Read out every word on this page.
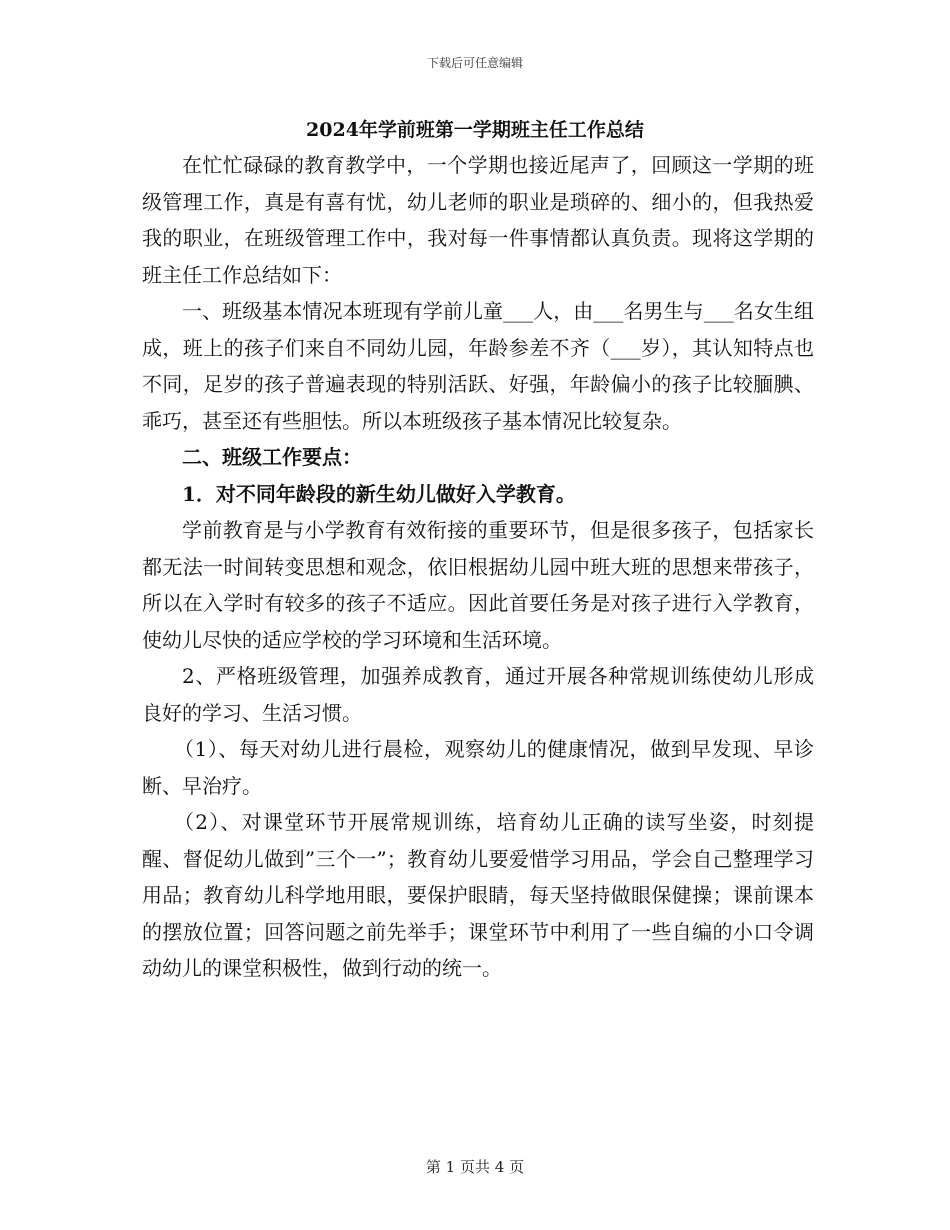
下载后可任意编辑
2024年学前班第一学期班主任工作总结

在忙忙碌碌的教育教学中，一个学期也接近尾声了，回顾这一学期的班级管理工作，真是有喜有忧，幼儿老师的职业是琐碎的、细小的，但我热爱我的职业，在班级管理工作中，我对每一件事情都认真负责。现将这学期的班主任工作总结如下：

一、班级基本情况本班现有学前儿童___人，由___名男生与___名女生组成，班上的孩子们来自不同幼儿园，年龄参差不齐（___岁），其认知特点也不同，足岁的孩子普遍表现的特别活跃、好强，年龄偏小的孩子比较腼腆、乖巧，甚至还有些胆怯。所以本班级孩子基本情况比较复杂。

二、班级工作要点：

1．对不同年龄段的新生幼儿做好入学教育。

学前教育是与小学教育有效衔接的重要环节，但是很多孩子，包括家长都无法一时间转变思想和观念，依旧根据幼儿园中班大班的思想来带孩子，所以在入学时有较多的孩子不适应。因此首要任务是对孩子进行入学教育，使幼儿尽快的适应学校的学习环境和生活环境。

2、严格班级管理，加强养成教育，通过开展各种常规训练使幼儿形成良好的学习、生活习惯。

（1）、每天对幼儿进行晨检，观察幼儿的健康情况，做到早发现、早诊断、早治疗。

（2）、对课堂环节开展常规训练，培育幼儿正确的读写坐姿，时刻提醒、督促幼儿做到”三个一”；教育幼儿要爱惜学习用品，学会自己整理学习用品；教育幼儿科学地用眼，要保护眼睛，每天坚持做眼保健操；课前课本的摆放位置；回答问题之前先举手；课堂环节中利用了一些自编的小口令调动幼儿的课堂积极性，做到行动的统一。

第 1 页共 4 页
